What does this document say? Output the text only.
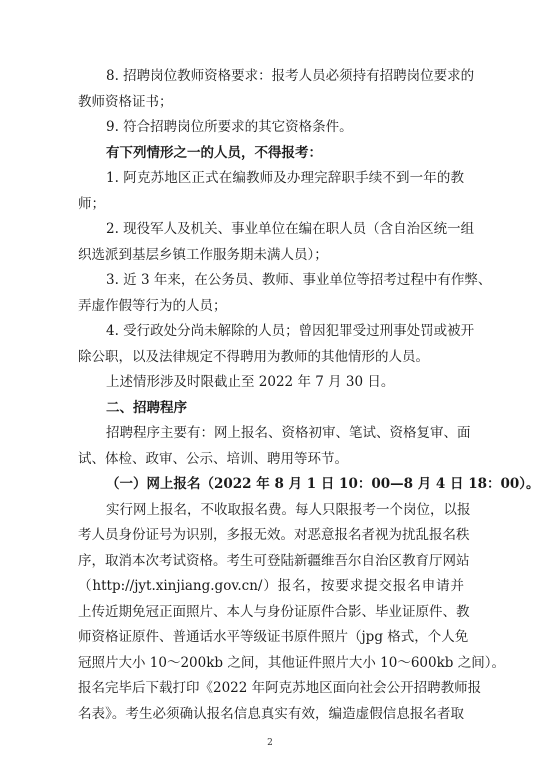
8. 招聘岗位教师资格要求：报考人员必须持有招聘岗位要求的
教师资格证书；
9. 符合招聘岗位所要求的其它资格条件。
有下列情形之一的人员，不得报考：
1. 阿克苏地区正式在编教师及办理完辞职手续不到一年的教
师；
2. 现役军人及机关、事业单位在编在职人员（含自治区统一组
织选派到基层乡镇工作服务期未满人员）；
3. 近 3 年来，在公务员、教师、事业单位等招考过程中有作弊、
弄虚作假等行为的人员；
4. 受行政处分尚未解除的人员；曾因犯罪受过刑事处罚或被开
除公职，以及法律规定不得聘用为教师的其他情形的人员。
上述情形涉及时限截止至 2022 年 7 月 30 日。
二、招聘程序
招聘程序主要有：网上报名、资格初审、笔试、资格复审、面
试、体检、政审、公示、培训、聘用等环节。
（一）网上报名（2022 年 8 月 1 日 10：00—8 月 4 日 18：00）。
实行网上报名，不收取报名费。每人只限报考一个岗位，以报
考人员身份证号为识别，多报无效。对恶意报名者视为扰乱报名秩
序，取消本次考试资格。考生可登陆新疆维吾尔自治区教育厅网站
（http://jyt.xinjiang.gov.cn/）报名，按要求提交报名申请并
上传近期免冠正面照片、本人与身份证原件合影、毕业证原件、教
师资格证原件、普通话水平等级证书原件照片（jpg 格式，个人免
冠照片大小 10～200kb 之间，其他证件照片大小 10～600kb 之间）。
2
报名完毕后下载打印《2022 年阿克苏地区面向社会公开招聘教师报
名表》。考生必须确认报名信息真实有效，编造虚假信息报名者取
